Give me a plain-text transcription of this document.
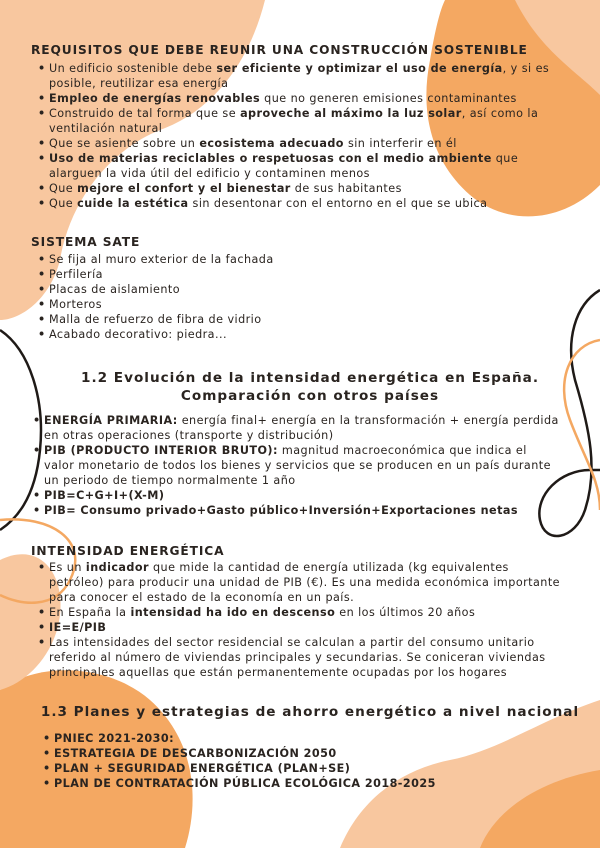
REQUISITOS QUE DEBE REUNIR UNA CONSTRUCCIÓN SOSTENIBLE

• Un edificio sostenible debe ser eficiente y optimizar el uso de energía, y si es posible, reutilizar esa energía
• Empleo de energías renovables que no generen emisiones contaminantes
• Construido de tal forma que se aproveche al máximo la luz solar, así como la ventilación natural
• Que se asiente sobre un ecosistema adecuado sin interferir en él
• Uso de materias reciclables o respetuosas con el medio ambiente que alarguen la vida útil del edificio y contaminen menos
• Que mejore el confort y el bienestar de sus habitantes
• Que cuide la estética sin desentonar con el entorno en el que se ubica

SISTEMA SATE

• Se fija al muro exterior de la fachada
• Perfilería
• Placas de aislamiento
• Morteros
• Malla de refuerzo de fibra de vidrio
• Acabado decorativo: piedra...
1.2 Evolución de la intensidad energética en España.
Comparación con otros países
• ENERGÍA PRIMARIA: energía final+ energía en la transformación + energía perdida en otras operaciones (transporte y distribución)
• PIB (PRODUCTO INTERIOR BRUTO): magnitud macroeconómica que indica el valor monetario de todos los bienes y servicios que se producen en un país durante un periodo de tiempo normalmente 1 año
• PIB=C+G+I+(X-M)
• PIB= Consumo privado+Gasto público+Inversión+Exportaciones netas

INTENSIDAD ENERGÉTICA

• Es un indicador que mide la cantidad de energía utilizada (kg equivalentes petróleo) para producir una unidad de PIB (€). Es una medida económica importante para conocer el estado de la economía en un país.
• En España la intensidad ha ido en descenso en los últimos 20 años
• IE=E/PIB
• Las intensidades del sector residencial se calculan a partir del consumo unitario referido al número de viviendas principales y secundarias. Se coniceran viviendas principales aquellas que están permanentemente ocupadas por los hogares
1.3 Planes y estrategias de ahorro energético a nivel nacional
• PNIEC 2021-2030:
• ESTRATEGIA DE DESCARBONIZACIÓN 2050
• PLAN + SEGURIDAD ENERGÉTICA (PLAN+SE)
• PLAN DE CONTRATACIÓN PÚBLICA ECOLÓGICA 2018-2025
